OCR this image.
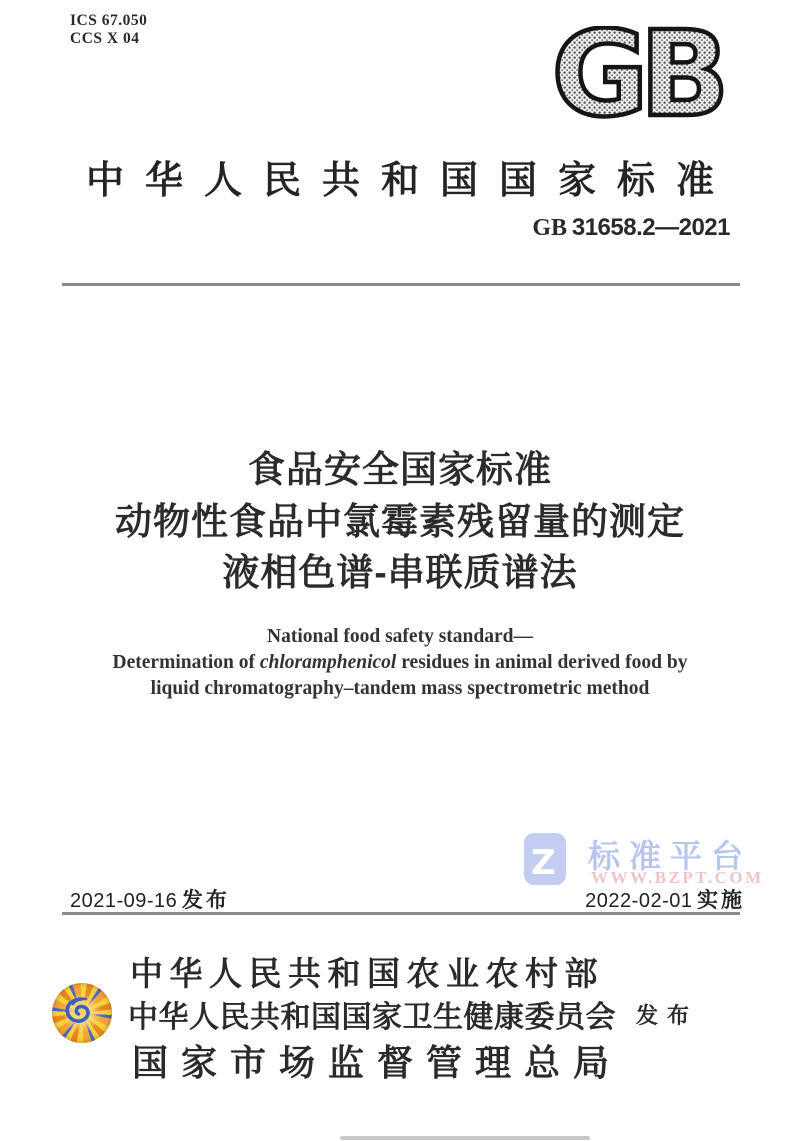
ICS 67.050
CCS X 04	GB
中华人民共和国国家标准
GB  31658.2—2021
食品安全国家标准
动物性食品中氯霉素残留量的测定
液相色谱-串联质谱法
National food safety standard—
Determination of chloramphenicol residues in animal derived food by
liquid chromatography–tandem mass spectrometric method
Z 标准平台
WWW.BZPT.COM
2021-09-16  发布	2022-02-01  实施
中华人民共和国农业农村部
中华人民共和国国家卫生健康委员会
国家市场监督管理总局
发布
